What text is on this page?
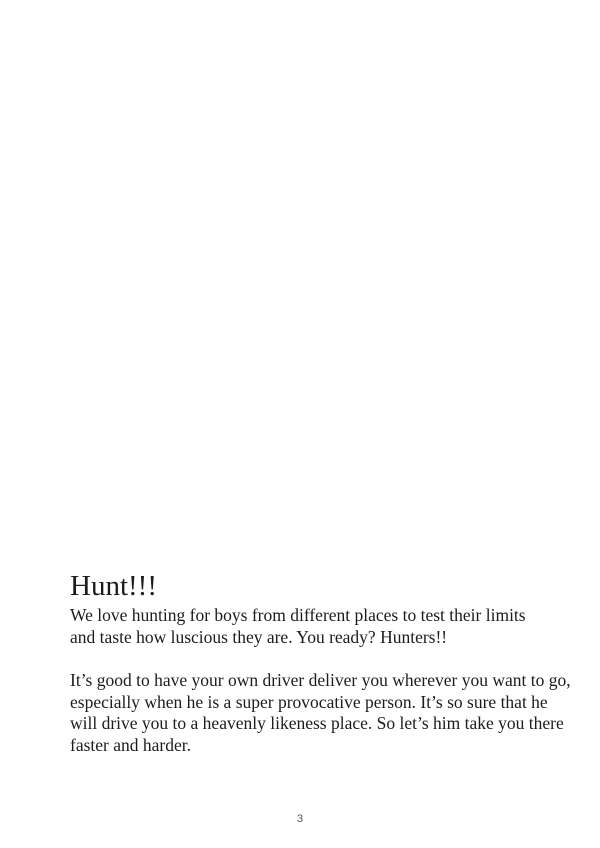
Hunt!!!

We love hunting for boys from different places to test their limits
and taste how luscious they are. You ready? Hunters!!

It’s good to have your own driver deliver you wherever you want to go,
especially when he is a super provocative person. It’s so sure that he
will drive you to a heavenly likeness place. So let’s him take you there
faster and harder.

3
